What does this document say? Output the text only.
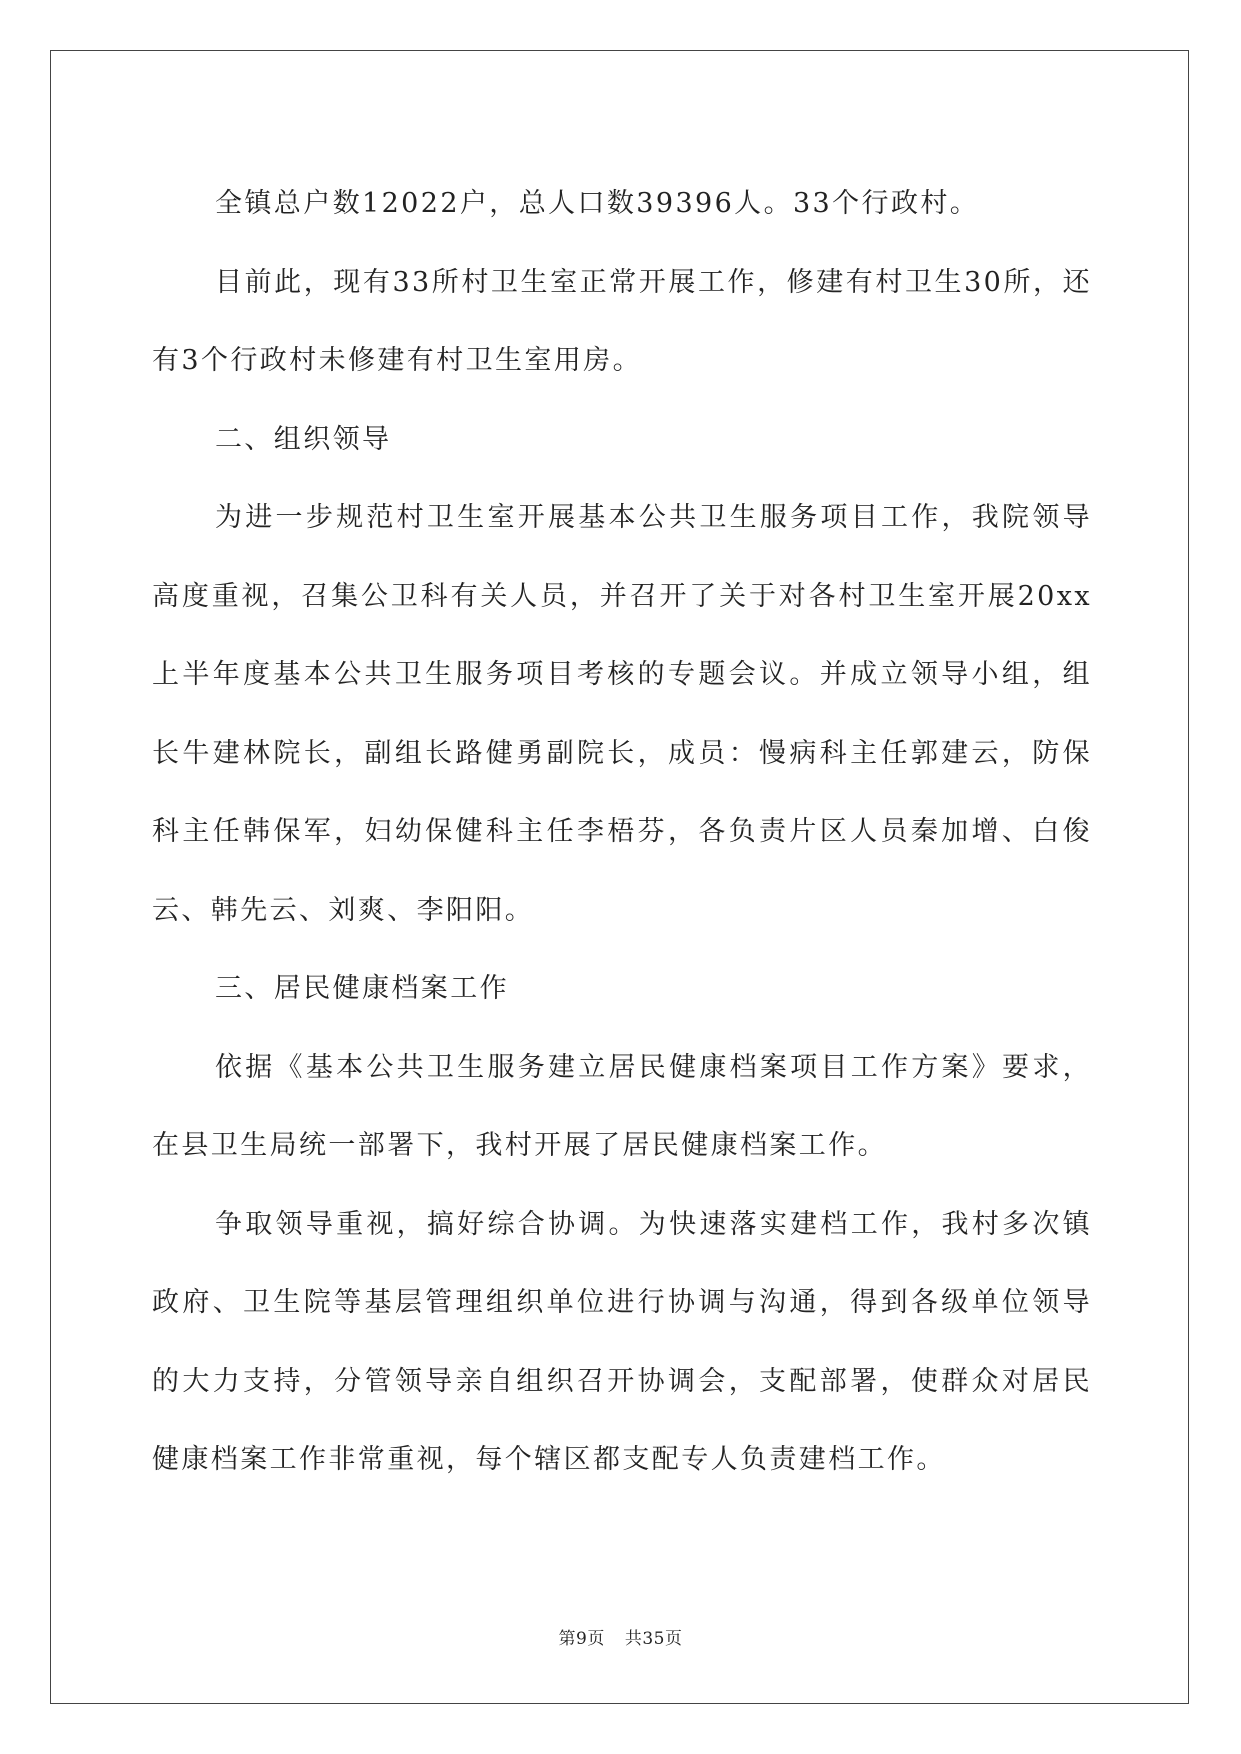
全镇总户数12022户，总人口数39396人。33个行政村。

目前此，现有33所村卫生室正常开展工作，修建有村卫生30所，还有3个行政村未修建有村卫生室用房。

二、组织领导

为进一步规范村卫生室开展基本公共卫生服务项目工作，我院领导高度重视，召集公卫科有关人员，并召开了关于对各村卫生室开展20xx上半年度基本公共卫生服务项目考核的专题会议。并成立领导小组，组长牛建林院长，副组长路健勇副院长，成员：慢病科主任郭建云，防保科主任韩保军，妇幼保健科主任李梧芬，各负责片区人员秦加增、白俊云、韩先云、刘爽、李阳阳。

三、居民健康档案工作

依据《基本公共卫生服务建立居民健康档案项目工作方案》要求，在县卫生局统一部署下，我村开展了居民健康档案工作。

争取领导重视，搞好综合协调。为快速落实建档工作，我村多次镇政府、卫生院等基层管理组织单位进行协调与沟通，得到各级单位领导的大力支持，分管领导亲自组织召开协调会，支配部署，使群众对居民健康档案工作非常重视，每个辖区都支配专人负责建档工作。

第9页 共35页
